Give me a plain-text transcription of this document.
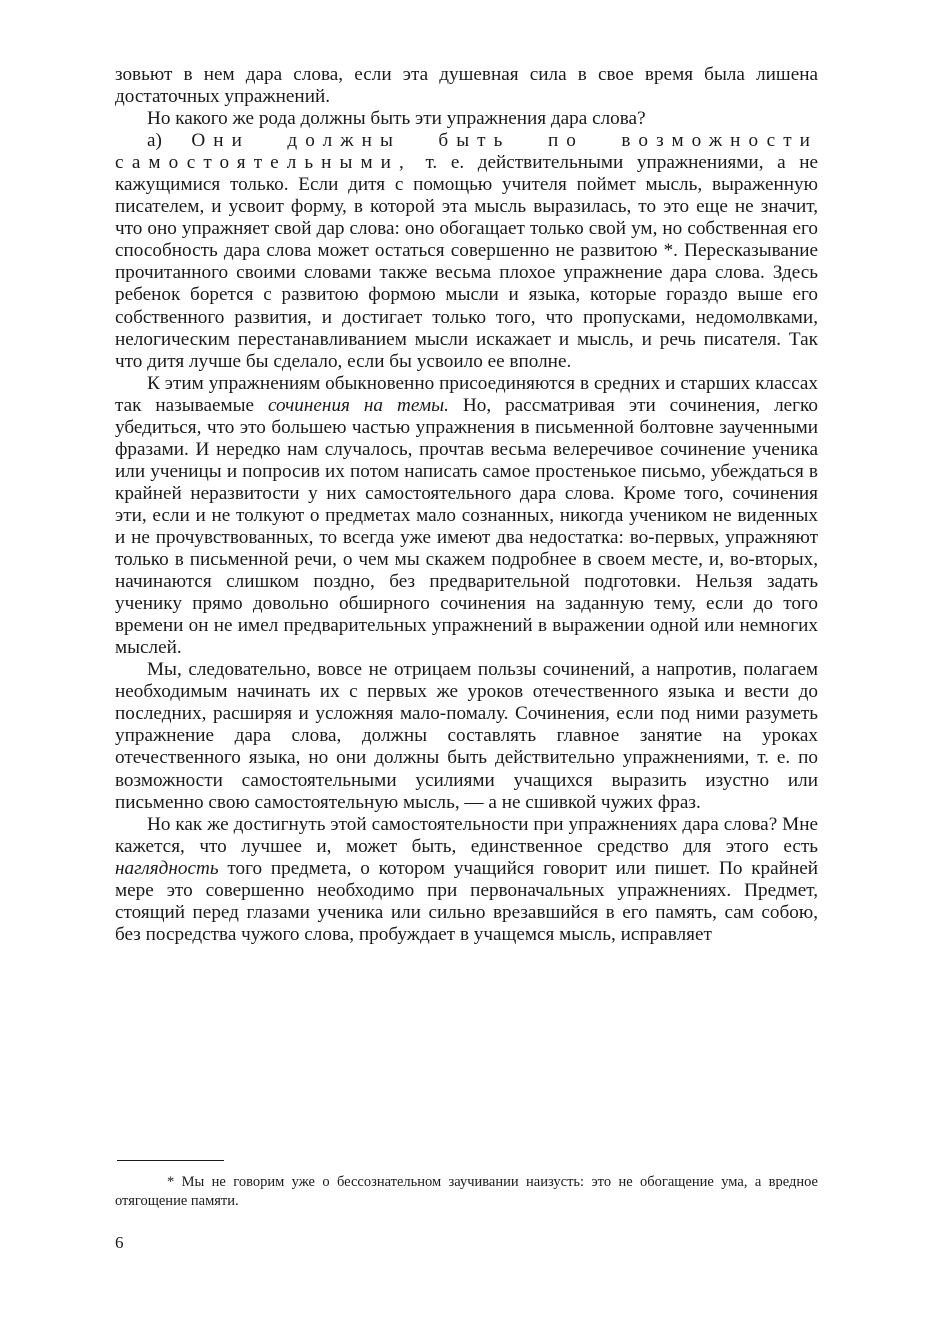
зовьют в нем дара слова, если эта душевная сила в свое время была лишена достаточных упражнений.

Но какого же рода должны быть эти упражнения дара слова?

а) Они должны быть по возможности самостоятельными, т. е. действительными упражнениями, а не кажущимися только. Если дитя с помощью учителя поймет мысль, выраженную писателем, и усвоит форму, в которой эта мысль выразилась, то это еще не значит, что оно упражняет свой дар слова: оно обогащает только свой ум, но собственная его способность дара слова может остаться совершенно не развитою *. Пересказывание прочитанного своими словами также весьма плохое упражнение дара слова. Здесь ребенок борется с развитою формою мысли и языка, которые гораздо выше его собственного развития, и достигает только того, что пропусками, недомолвками, нелогическим перестанавливанием мысли искажает и мысль, и речь писателя. Так что дитя лучше бы сделало, если бы усвоило ее вполне.

К этим упражнениям обыкновенно присоединяются в средних и старших классах так называемые сочинения на темы. Но, рассматривая эти сочинения, легко убедиться, что это большею частью упражнения в письменной болтовне заученными фразами. И нередко нам случалось, прочтав весьма велеречивое сочинение ученика или ученицы и попросив их потом написать самое простенькое письмо, убеждаться в крайней неразвитости у них самостоятельного дара слова. Кроме того, сочинения эти, если и не толкуют о предметах мало сознанных, никогда учеником не виденных и не прочувствованных, то всегда уже имеют два недостатка: во-первых, упражняют только в письменной речи, о чем мы скажем подробнее в своем месте, и, во-вторых, начинаются слишком поздно, без предварительной подготовки. Нельзя задать ученику прямо довольно обширного сочинения на заданную тему, если до того времени он не имел предварительных упражнений в выражении одной или немногих мыслей.

Мы, следовательно, вовсе не отрицаем пользы сочинений, а напротив, полагаем необходимым начинать их с первых же уроков отечественного языка и вести до последних, расширяя и усложняя мало-помалу. Сочинения, если под ними разуметь упражнение дара слова, должны составлять главное занятие на уроках отечественного языка, но они должны быть действительно упражнениями, т. е. по возможности самостоятельными усилиями учащихся выразить изустно или письменно свою самостоятельную мысль, — а не сшивкой чужих фраз.

Но как же достигнуть этой самостоятельности при упражнениях дара слова? Мне кажется, что лучшее и, может быть, единственное средство для этого есть наглядность того предмета, о котором учащийся говорит или пишет. По крайней мере это совершенно необходимо при первоначальных упражнениях. Предмет, стоящий перед глазами ученика или сильно врезавшийся в его память, сам собою, без посредства чужого слова, пробуждает в учащемся мысль, исправляет

* Мы не говорим уже о бессознательном заучивании наизусть: это не обогащение ума, а вредное отягощение памяти.
6
